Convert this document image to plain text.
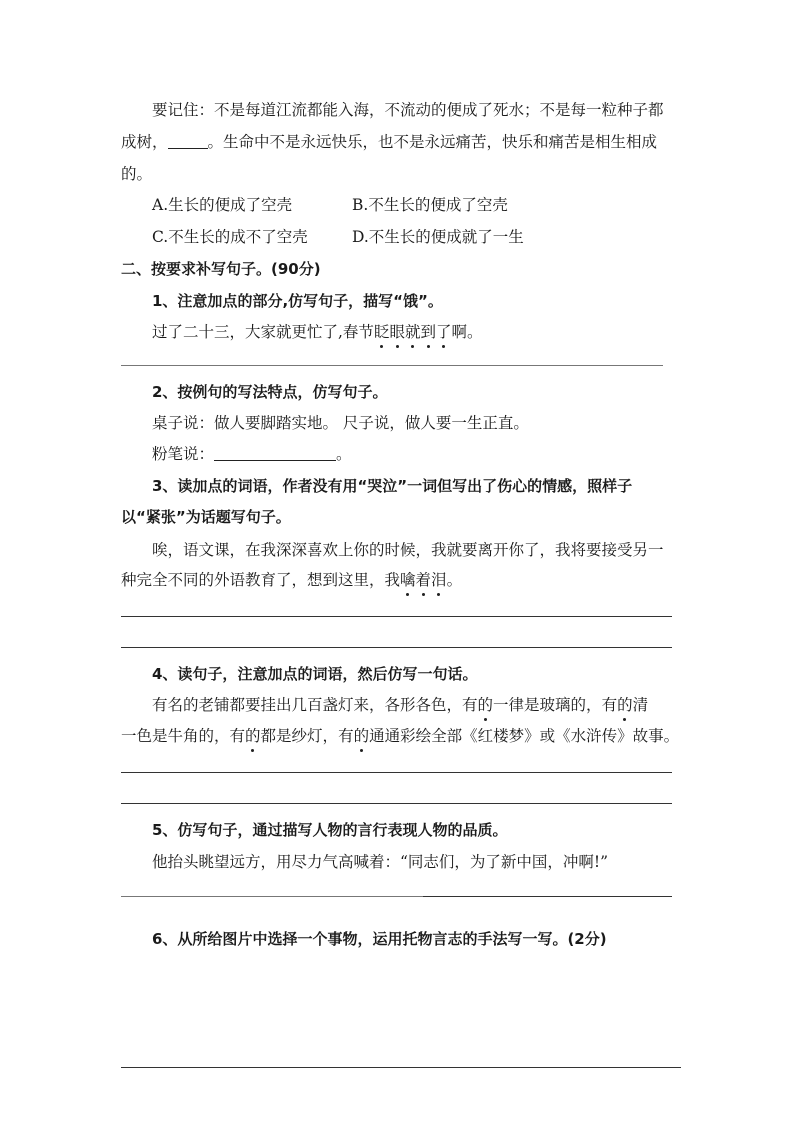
要记住：不是每道江流都能入海，不流动的便成了死水；不是每一粒种子都
成树，	。生命中不是永远快乐，也不是永远痛苦，快乐和痛苦是相生相成
的。
A.生长的便成了空壳	B.不生长的便成了空壳
C.不生长的成不了空壳	D.不生长的便成就了一生
二、按要求补写句子。(90分)
1、注意加点的部分,仿写句子，描写“饿”。
过了二十三，大家就更忙了,春节眨眼就到了啊。
2、按例句的写法特点，仿写句子。
桌子说：做人要脚踏实地。 尺子说，做人要一生正直。
粉笔说：	。
3、读加点的词语，作者没有用“哭泣”一词但写出了伤心的情感，照样子
以“紧张”为话题写句子。
唉，语文课，在我深深喜欢上你的时候，我就要离开你了，我将要接受另一
种完全不同的外语教育了，想到这里，我噙着泪。
4、读句子，注意加点的词语，然后仿写一句话。
有名的老铺都要挂出几百盏灯来，各形各色，有的一律是玻璃的，有的清
一色是牛角的，有的都是纱灯，有的通通彩绘全部《红楼梦》或《水浒传》故事。
5、仿写句子，通过描写人物的言行表现人物的品质。
他抬头眺望远方，用尽力气高喊着：“同志们，为了新中国，冲啊!”
6、从所给图片中选择一个事物，运用托物言志的手法写一写。(2分)
